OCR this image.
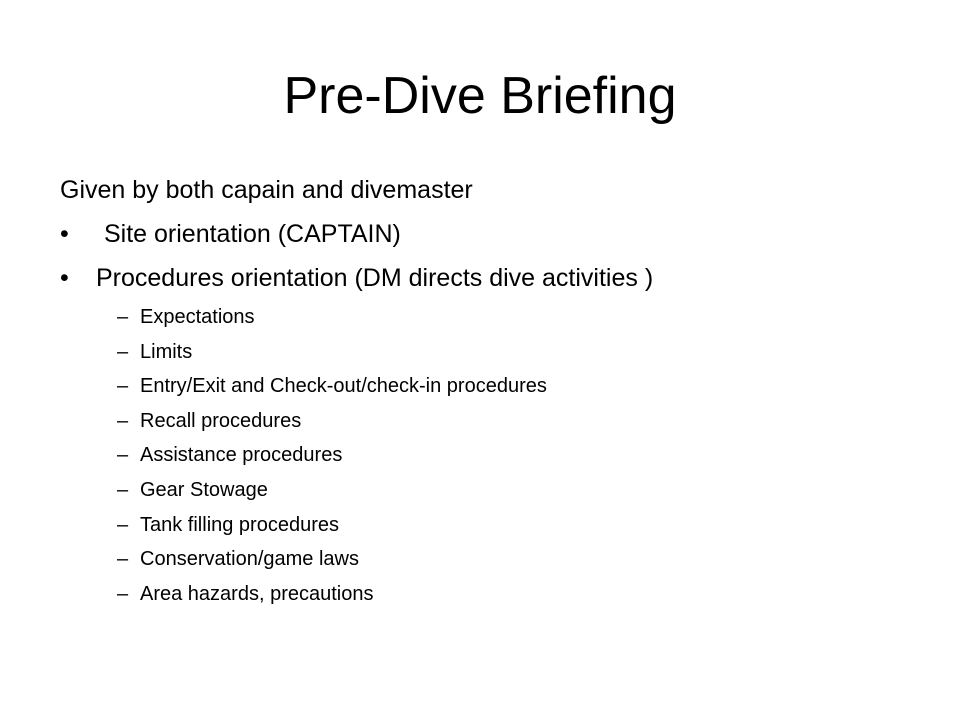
Pre-Dive Briefing
Given by both capain and divemaster
• Site orientation (CAPTAIN)
• Procedures orientation (DM directs dive activities )
– Expectations
– Limits
– Entry/Exit and Check-out/check-in procedures
– Recall procedures
– Assistance procedures
– Gear Stowage
– Tank filling procedures
– Conservation/game laws
– Area hazards, precautions
